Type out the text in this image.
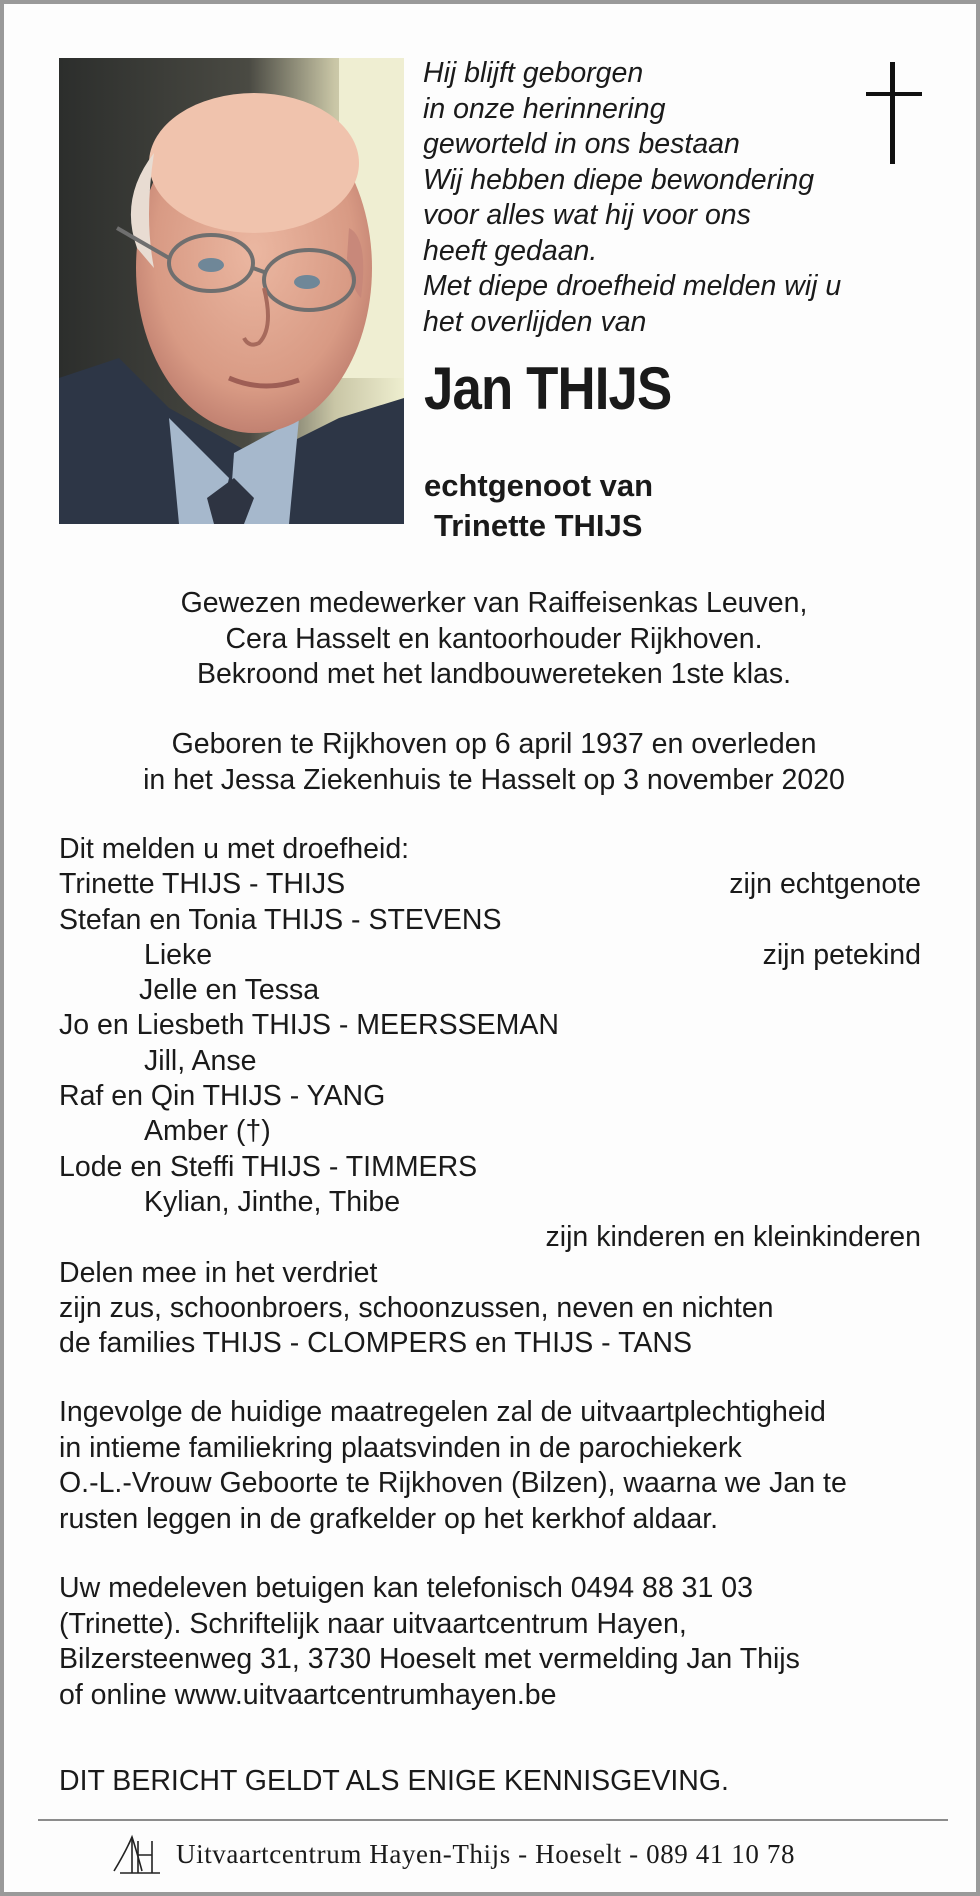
Hij blijft geborgen
in onze herinnering
geworteld in ons bestaan
Wij hebben diepe bewondering
voor alles wat hij voor ons
heeft gedaan.
Met diepe droefheid melden wij u
het overlijden van
Jan THIJS
echtgenoot van
Trinette THIJS
Gewezen medewerker van Raiffeisenkas Leuven,
Cera Hasselt en kantoorhouder Rijkhoven.
Bekroond met het landbouwereteken 1ste klas.
Geboren te Rijkhoven op 6 april 1937 en overleden
in het Jessa Ziekenhuis te Hasselt op 3 november 2020
Dit melden u met droefheid:
Trinette THIJS - THIJS	zijn echtgenote
Stefan en Tonia THIJS - STEVENS
Lieke	zijn petekind
Jelle en Tessa
Jo en Liesbeth THIJS - MEERSSEMAN
Jill, Anse
Raf en Qin THIJS - YANG
Amber (†)
Lode en Steffi THIJS - TIMMERS
Kylian, Jinthe, Thibe
zijn kinderen en kleinkinderen
Delen mee in het verdriet
zijn zus, schoonbroers, schoonzussen, neven en nichten
de families THIJS - CLOMPERS en THIJS - TANS
Ingevolge de huidige maatregelen zal de uitvaartplechtigheid
in intieme familiekring plaatsvinden in de parochiekerk
O.-L.-Vrouw Geboorte te Rijkhoven (Bilzen), waarna we Jan te
rusten leggen in de grafkelder op het kerkhof aldaar.
Uw medeleven betuigen kan telefonisch 0494 88 31 03
(Trinette). Schriftelijk naar uitvaartcentrum Hayen,
Bilzersteenweg 31, 3730 Hoeselt met vermelding Jan Thijs
of online www.uitvaartcentrumhayen.be
DIT BERICHT GELDT ALS ENIGE KENNISGEVING.
Uitvaartcentrum Hayen-Thijs - Hoeselt - 089 41 10 78
